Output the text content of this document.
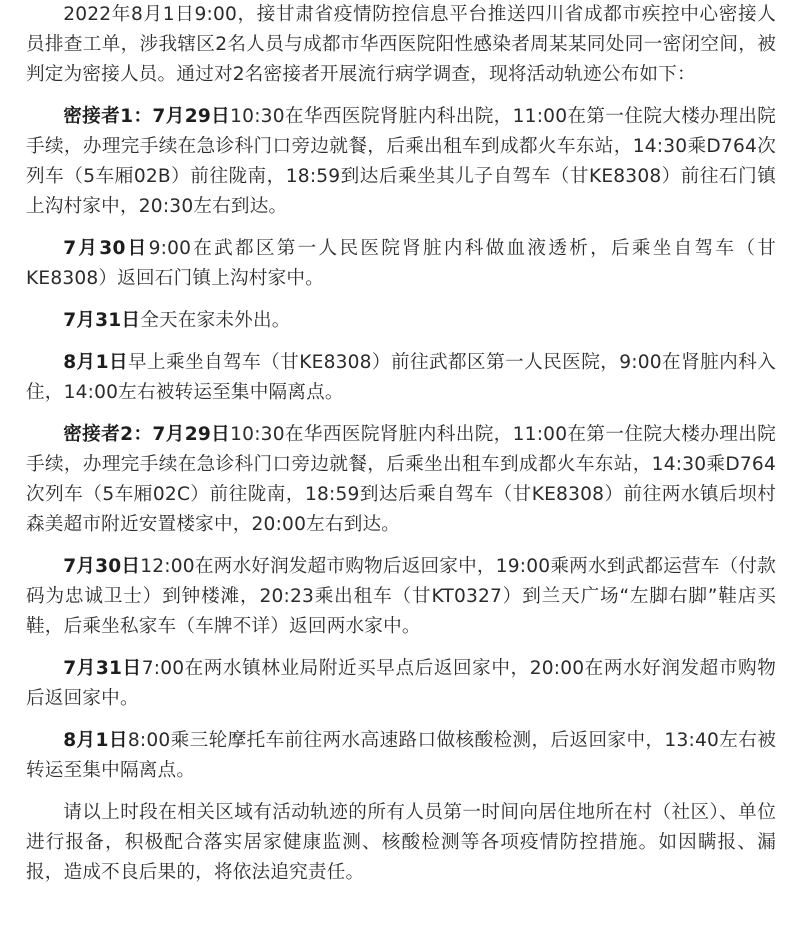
2022年8月1日9:00，接甘肃省疫情防控信息平台推送四川省成都市疾控中心密接人员排查工单，涉我辖区2名人员与成都市华西医院阳性感染者周某某同处同一密闭空间，被判定为密接人员。通过对2名密接者开展流行病学调查，现将活动轨迹公布如下：

密接者1：7月29日10:30在华西医院肾脏内科出院，11:00在第一住院大楼办理出院手续，办理完手续在急诊科门口旁边就餐，后乘出租车到成都火车东站，14:30乘D764次列车（5车厢02B）前往陇南，18:59到达后乘坐其儿子自驾车（甘KE8308）前往石门镇上沟村家中，20:30左右到达。

7月30日9:00在武都区第一人民医院肾脏内科做血液透析，后乘坐自驾车（甘KE8308）返回石门镇上沟村家中。

7月31日全天在家未外出。

8月1日早上乘坐自驾车（甘KE8308）前往武都区第一人民医院，9:00在肾脏内科入住，14:00左右被转运至集中隔离点。

密接者2：7月29日10:30在华西医院肾脏内科出院，11:00在第一住院大楼办理出院手续，办理完手续在急诊科门口旁边就餐，后乘坐出租车到成都火车东站，14:30乘D764次列车（5车厢02C）前往陇南，18:59到达后乘自驾车（甘KE8308）前往两水镇后坝村森美超市附近安置楼家中，20:00左右到达。

7月30日12:00在两水好润发超市购物后返回家中，19:00乘两水到武都运营车（付款码为忠诚卫士）到钟楼滩，20:23乘出租车（甘KT0327）到兰天广场“左脚右脚”鞋店买鞋，后乘坐私家车（车牌不详）返回两水家中。

7月31日7:00在两水镇林业局附近买早点后返回家中，20:00在两水好润发超市购物后返回家中。

8月1日8:00乘三轮摩托车前往两水高速路口做核酸检测，后返回家中，13:40左右被转运至集中隔离点。

请以上时段在相关区域有活动轨迹的所有人员第一时间向居住地所在村（社区）、单位进行报备，积极配合落实居家健康监测、核酸检测等各项疫情防控措施。如因瞒报、漏报，造成不良后果的，将依法追究责任。
